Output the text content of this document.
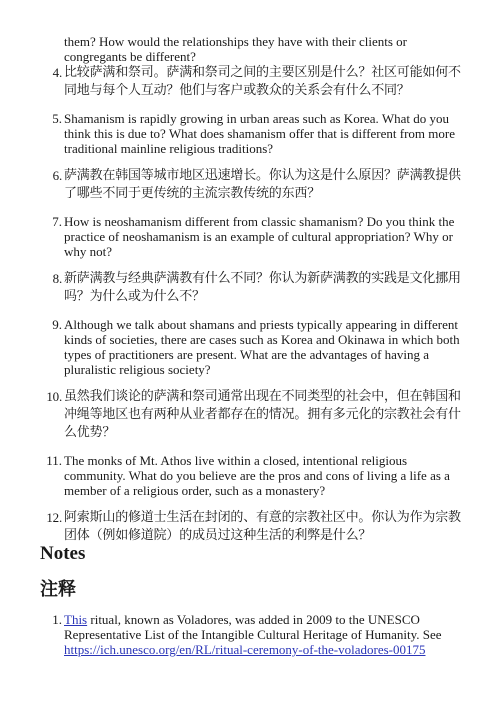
them? How would the relationships they have with their clients or congregants be different?
4. 比较萨满和祭司。萨满和祭司之间的主要区别是什么？社区可能如何不同地与每个人互动？他们与客户或教众的关系会有什么不同？
5. Shamanism is rapidly growing in urban areas such as Korea. What do you think this is due to? What does shamanism offer that is different from more traditional mainline religious traditions?
6. 萨满教在韩国等城市地区迅速增长。你认为这是什么原因？萨满教提供了哪些不同于更传统的主流宗教传统的东西？
7. How is neoshamanism different from classic shamanism? Do you think the practice of neoshamanism is an example of cultural appropriation? Why or why not?
8. 新萨满教与经典萨满教有什么不同？你认为新萨满教的实践是文化挪用吗？为什么或为什么不？
9. Although we talk about shamans and priests typically appearing in different kinds of societies, there are cases such as Korea and Okinawa in which both types of practitioners are present. What are the advantages of having a pluralistic religious society?
10. 虽然我们谈论的萨满和祭司通常出现在不同类型的社会中，但在韩国和冲绳等地区也有两种从业者都存在的情况。拥有多元化的宗教社会有什么优势？
11. The monks of Mt. Athos live within a closed, intentional religious community. What do you believe are the pros and cons of living a life as a member of a religious order, such as a monastery?
12. 阿索斯山的修道士生活在封闭的、有意的宗教社区中。你认为作为宗教团体（例如修道院）的成员过这种生活的利弊是什么？
Notes
注释
1. This ritual, known as Voladores, was added in 2009 to the UNESCO Representative List of the Intangible Cultural Heritage of Humanity. See https://ich.unesco.org/en/RL/ritual-ceremony-of-the-voladores-00175
